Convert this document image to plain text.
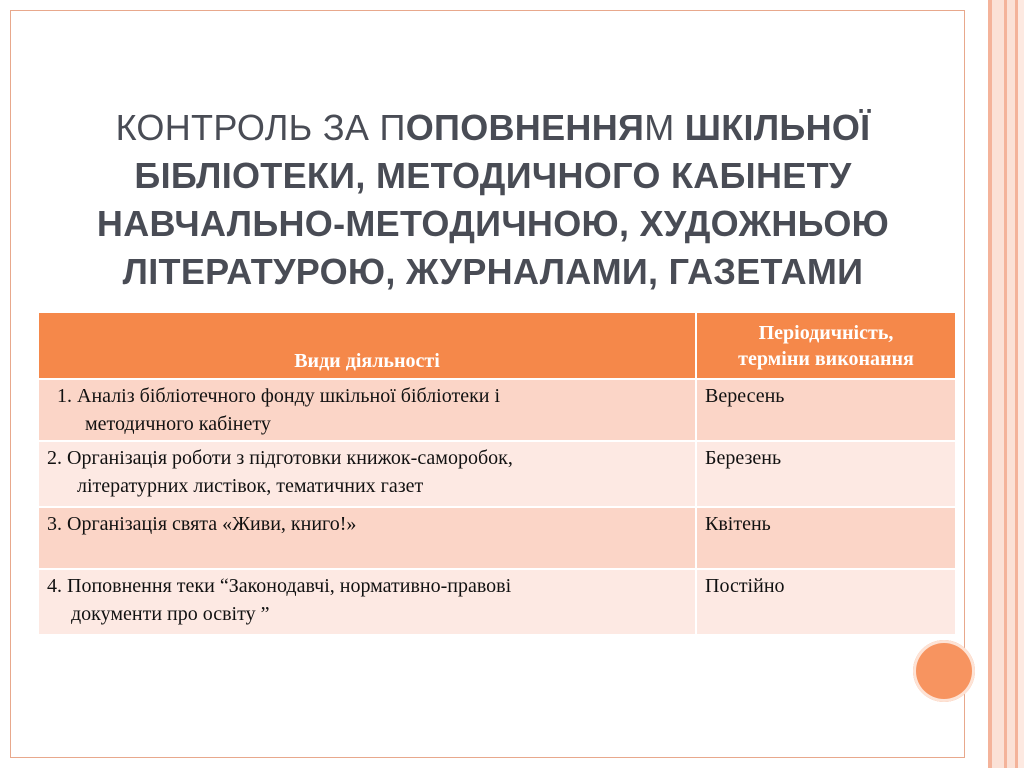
КОНТРОЛЬ ЗА ПОПОВНЕННЯМ ШКІЛЬНОЇ БІБЛІОТЕКИ, МЕТОДИЧНОГО КАБІНЕТУ НАВЧАЛЬНО-МЕТОДИЧНОЮ, ХУДОЖНЬОЮ ЛІТЕРАТУРОЮ, ЖУРНАЛАМИ, ГАЗЕТАМИ
Види діяльності	Періодичність,
терміни виконання
1. Аналіз бібліотечного фонду шкільної бібліотеки і
методичного кабінету	Вересень
2. Організація роботи з підготовки книжок-саморобок,
літературних листівок, тематичних газет	Березень
3. Організація свята «Живи, книго!»	Квітень
4. Поповнення теки “Законодавчі, нормативно-правові
документи про освіту ”	Постійно
